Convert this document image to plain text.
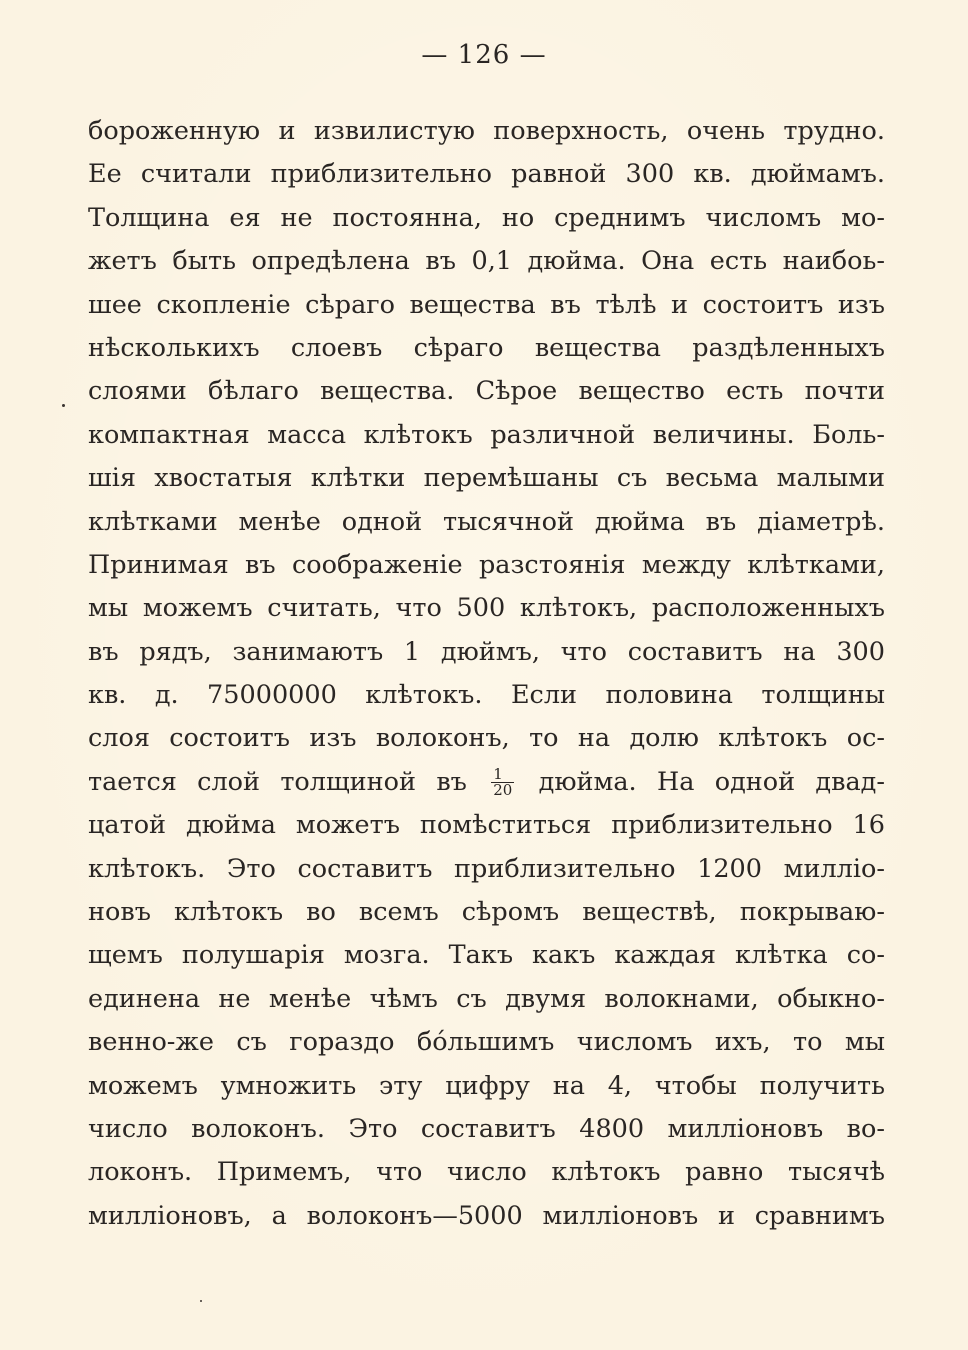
— 126 —
бороженную и извилистую поверхность, очень трудно.
Ее считали приблизительно равной 300 кв. дюймамъ.
Толщина ея не постоянна, но среднимъ числомъ мо-
жетъ быть опредѣлена въ 0,1 дюйма. Она есть наибоь-
шее скопленіе сѣраго вещества въ тѣлѣ и состоитъ изъ
нѣсколькихъ слоевъ сѣраго вещества раздѣленныхъ
слоями бѣлаго вещества. Сѣрое вещество есть почти
компактная масса клѣтокъ различной величины. Боль-
шія хвостатыя клѣтки перемѣшаны съ весьма малыми
клѣтками менѣе одной тысячной дюйма въ діаметрѣ.
Принимая въ соображеніе разстоянія между клѣтками,
мы можемъ считать, что 500 клѣтокъ, расположенныхъ
въ рядъ, занимаютъ 1 дюймъ, что составитъ на 300
кв. д. 75000000 клѣтокъ. Если половина толщины
слоя состоитъ изъ волоконъ, то на долю клѣтокъ ос-
тается слой толщиной въ $\frac{1}{20}$ дюйма. На одной двад-
цатой дюйма можетъ помѣститься приблизительно 16
клѣтокъ. Это составитъ приблизительно 1200 милліо-
новъ клѣтокъ во всемъ сѣромъ веществѣ, покрываю-
щемъ полушарія мозга. Такъ какъ каждая клѣтка со-
единена не менѣе чѣмъ съ двумя волокнами, обыкно-
венно-же съ гораздо бóльшимъ числомъ ихъ, то мы
можемъ умножить эту цифру на 4, чтобы получить
число волоконъ. Это составитъ 4800 милліоновъ во-
локонъ. Примемъ, что число клѣтокъ равно тысячѣ
милліоновъ, а волоконъ—5000 милліоновъ и сравнимъ
